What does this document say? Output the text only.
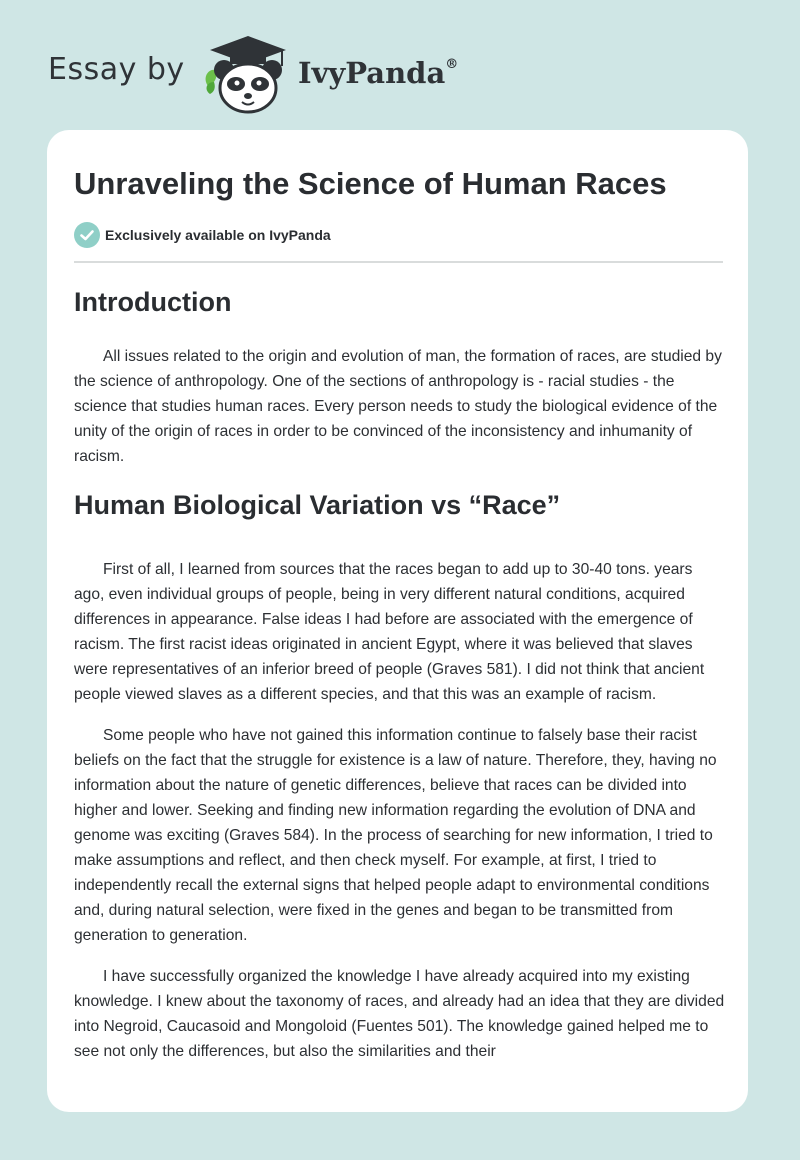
Essay by	IvyPanda®
Unraveling the Science of Human Races
Exclusively available on IvyPanda
Introduction

All issues related to the origin and evolution of man, the formation of races, are studied by the science of anthropology. One of the sections of anthropology is - racial studies - the science that studies human races. Every person needs to study the biological evidence of the unity of the origin of races in order to be convinced of the inconsistency and inhumanity of racism.

Human Biological Variation vs “Race”

First of all, I learned from sources that the races began to add up to 30-40 tons. years ago, even individual groups of people, being in very different natural conditions, acquired differences in appearance. False ideas I had before are associated with the emergence of racism. The first racist ideas originated in ancient Egypt, where it was believed that slaves were representatives of an inferior breed of people (Graves 581). I did not think that ancient people viewed slaves as a different species, and that this was an example of racism.

Some people who have not gained this information continue to falsely base their racist beliefs on the fact that the struggle for existence is a law of nature. Therefore, they, having no information about the nature of genetic differences, believe that races can be divided into higher and lower. Seeking and finding new information regarding the evolution of DNA and genome was exciting (Graves 584). In the process of searching for new information, I tried to make assumptions and reflect, and then check myself. For example, at first, I tried to independently recall the external signs that helped people adapt to environmental conditions and, during natural selection, were fixed in the genes and began to be transmitted from generation to generation.

I have successfully organized the knowledge I have already acquired into my existing knowledge. I knew about the taxonomy of races, and already had an idea that they are divided into Negroid, Caucasoid and Mongoloid (Fuentes 501). The knowledge gained helped me to see not only the differences, but also the similarities and their
